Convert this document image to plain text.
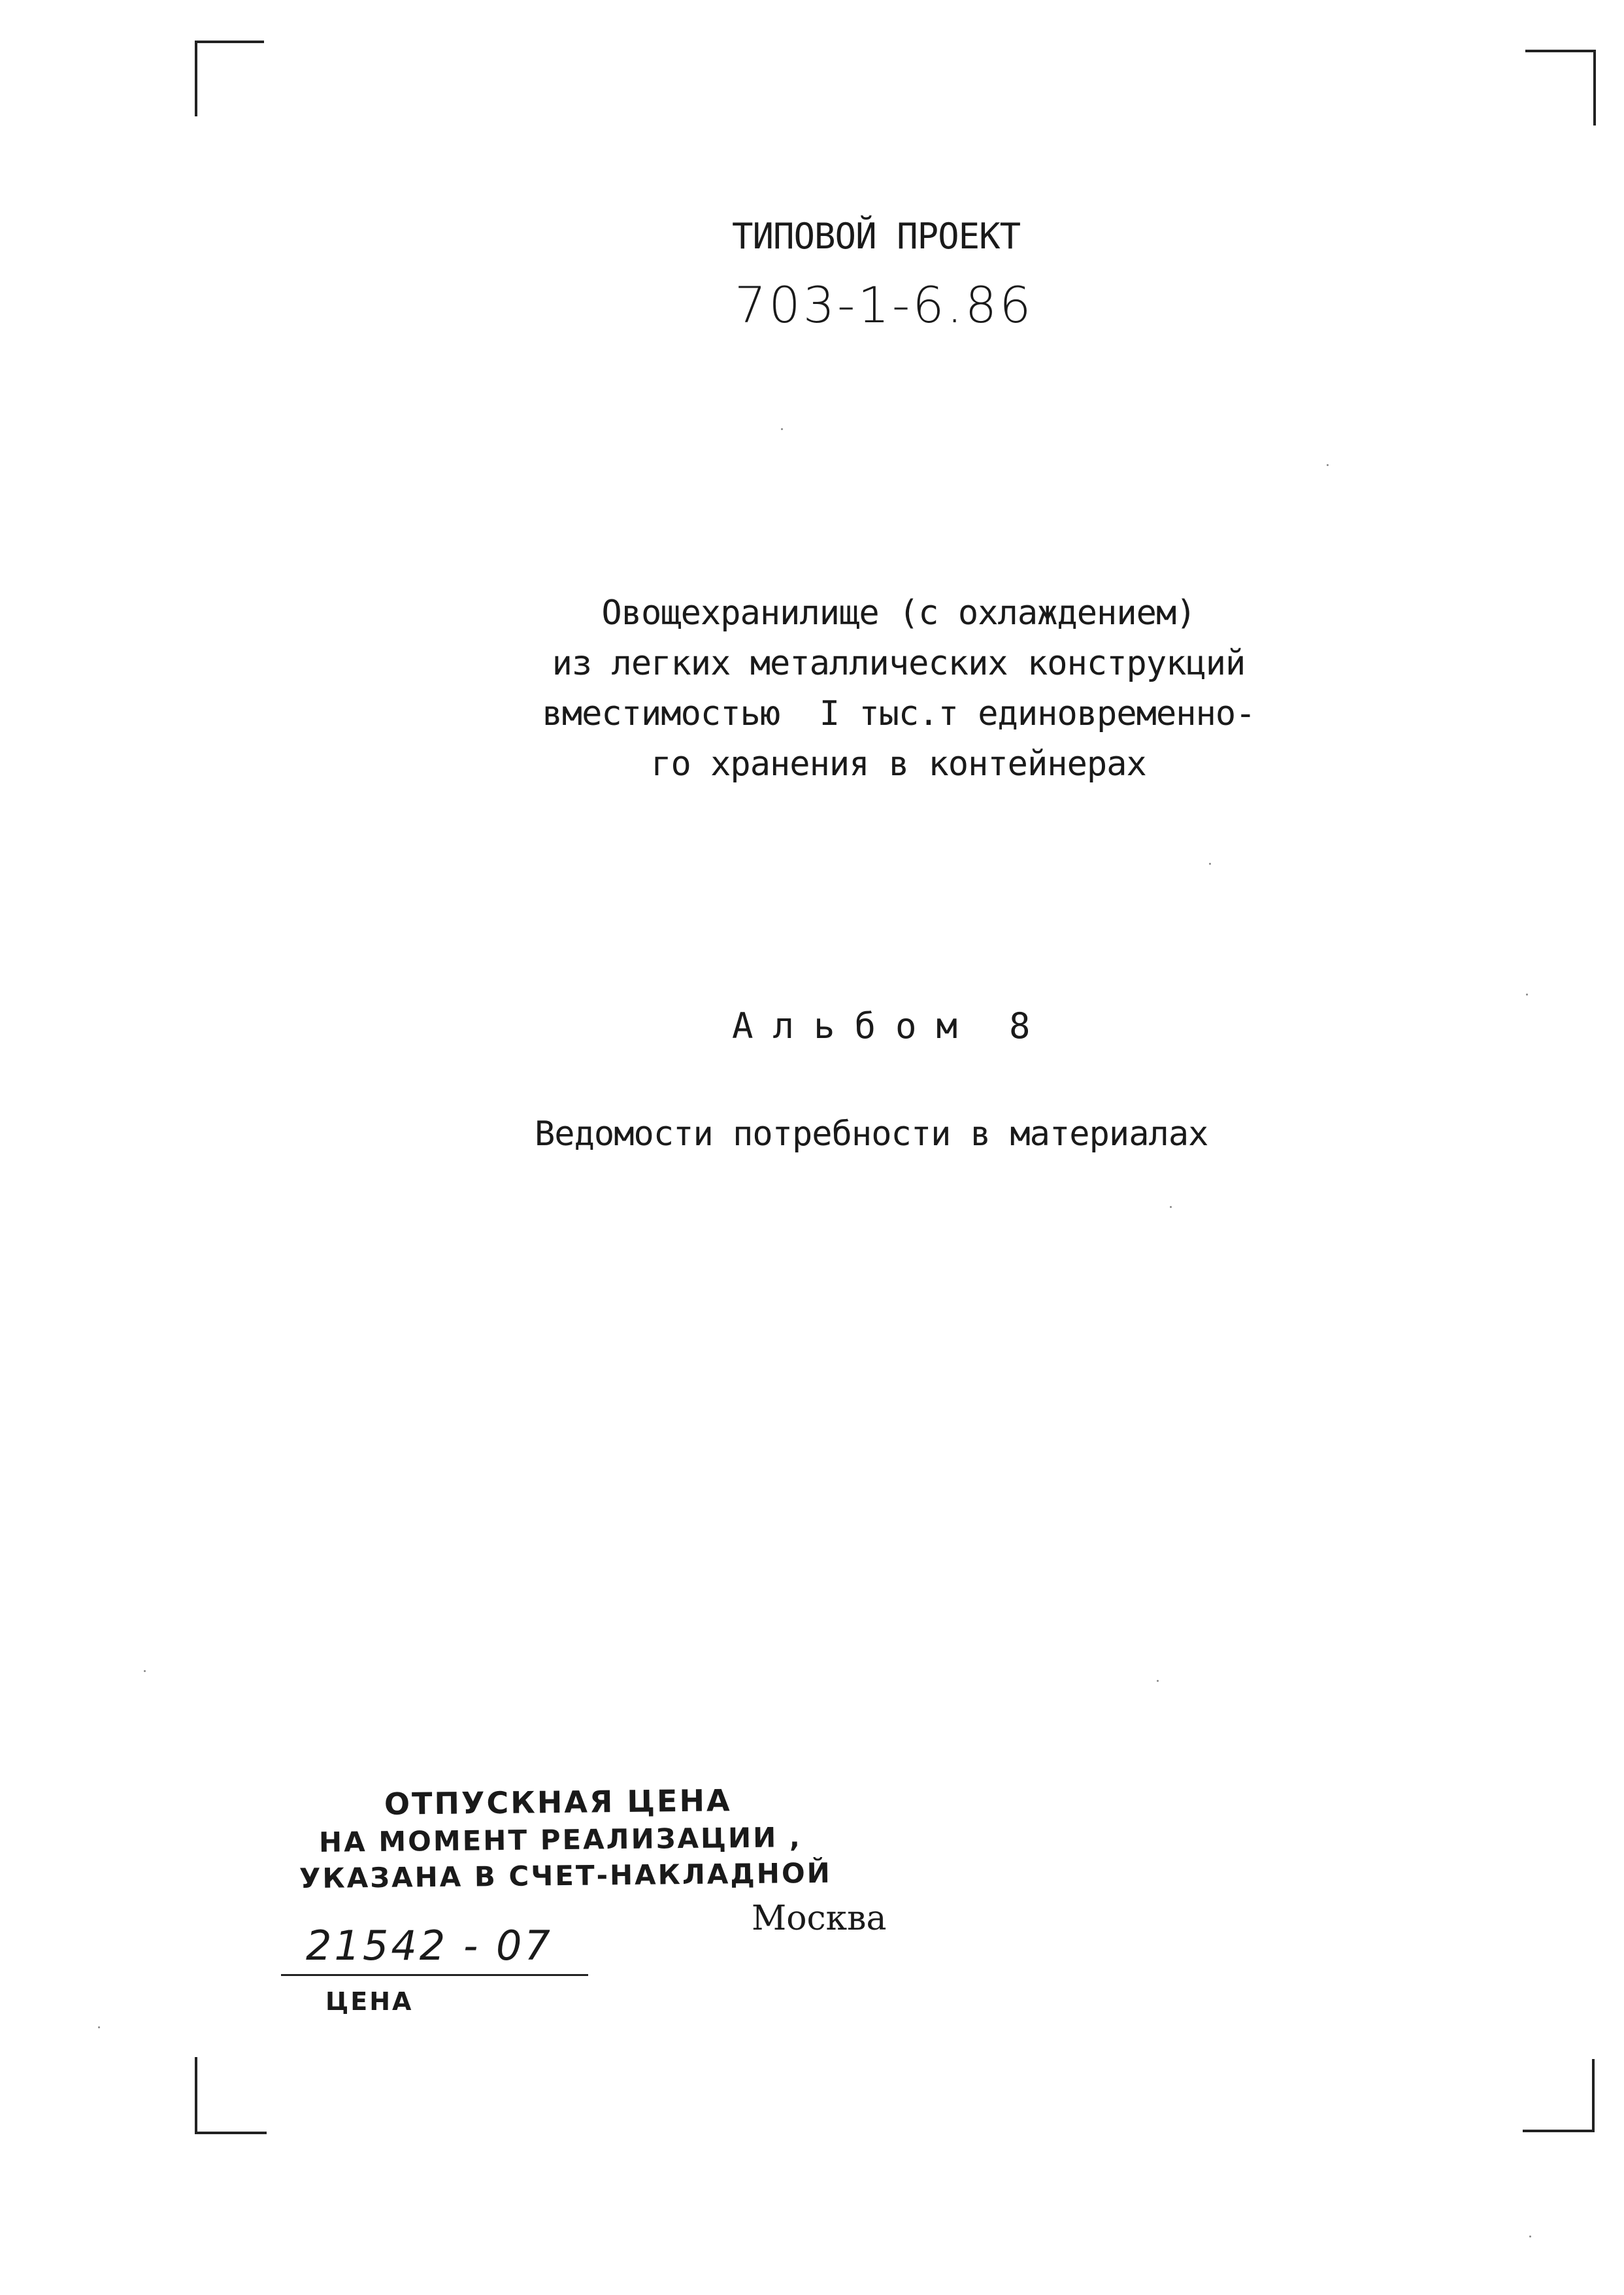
ТИПОВОЙ ПРОЕКТ
703-1-6.86
Овощехранилище (с охлаждением)
из легких металлических конструкций
вместимостью  I тыс.т единовременно-
го хранения в контейнерах
Альбом 8
Ведомости потребности в материалах
ОТПУСКНАЯ ЦЕНА
НА МОМЕНТ РЕАЛИЗАЦИИ ,
УКАЗАНА В СЧЕТ-НАКЛАДНОЙ
Москва
21542 - 07
ЦЕНА
